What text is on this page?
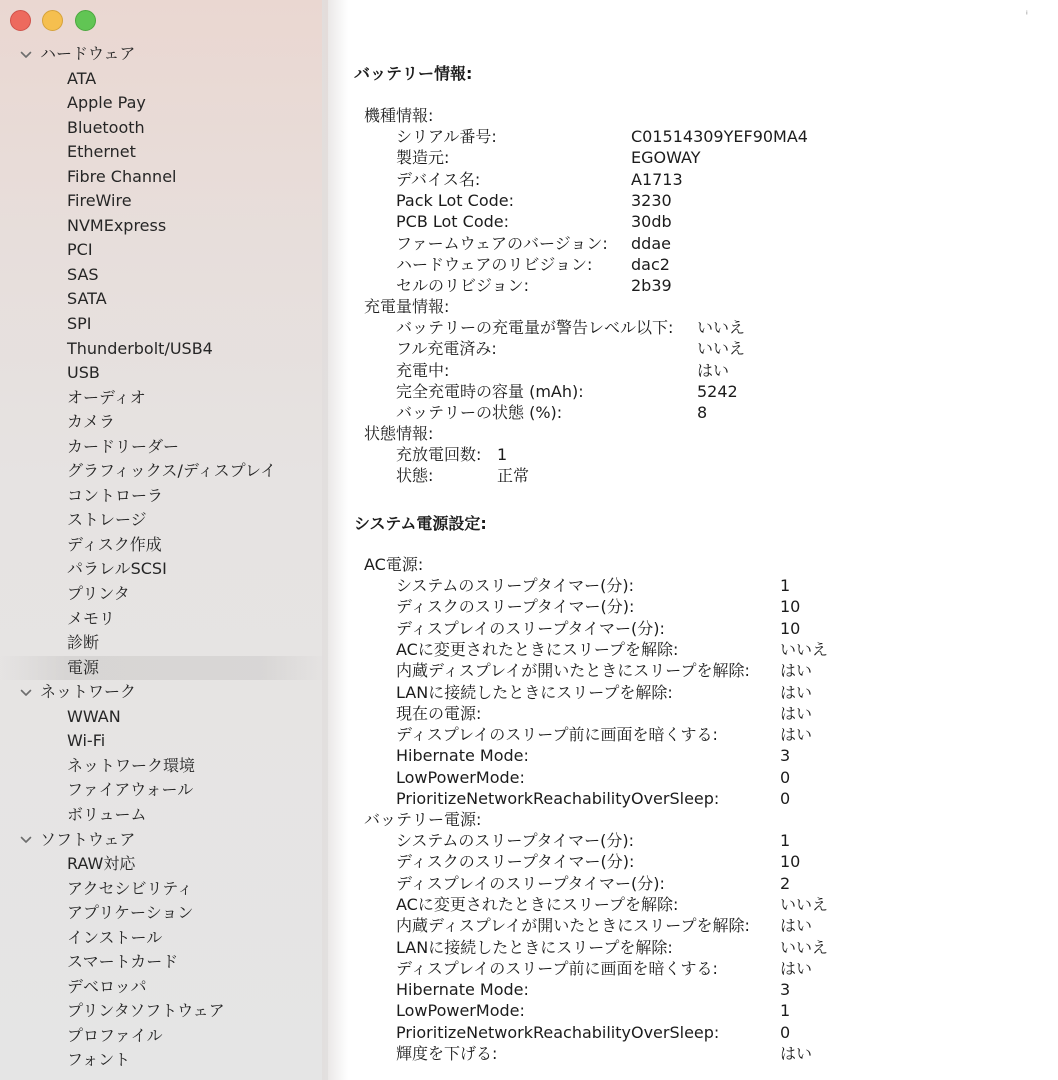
ハードウェア
ATA
Apple Pay
Bluetooth
Ethernet
Fibre Channel
FireWire
NVMExpress
PCI
SAS
SATA
SPI
Thunderbolt/USB4
USB
オーディオ
カメラ
カードリーダー
グラフィックス/ディスプレイ
コントローラ
ストレージ
ディスク作成
パラレルSCSI
プリンタ
メモリ
診断
電源
ネットワーク
WWAN
Wi-Fi
ネットワーク環境
ファイアウォール
ボリューム
ソフトウェア
RAW対応
アクセシビリティ
アプリケーション
インストール
スマートカード
デベロッパ
プリンタソフトウェア
プロファイル
フォント
ⁱ
バッテリー情報:
機種情報:
シリアル番号:	C01514309YEF90MA4
製造元:	EGOWAY
デバイス名:	A1713
Pack Lot Code:	3230
PCB Lot Code:	30db
ファームウェアのバージョン: ddae
ハードウェアのリビジョン: dac2
セルのリビジョン:	2b39
充電量情報:
バッテリーの充電量が警告レベル以下: いいえ
フル充電済み:	いいえ
充電中:	はい
完全充電時の容量 (mAh):	5242
バッテリーの状態 (%):	8
状態情報:
充放電回数: 1
状態:	正常
システム電源設定:
AC電源:
システムのスリープタイマー(分):	1
ディスクのスリープタイマー(分):	10
ディスプレイのスリープタイマー(分):	10
ACに変更されたときにスリープを解除:	いいえ
内蔵ディスプレイが開いたときにスリープを解除: はい
LANに接続したときにスリープを解除:	はい
現在の電源:	はい
ディスプレイのスリープ前に画面を暗くする:	はい
Hibernate Mode:	3
LowPowerMode:	0
PrioritizeNetworkReachabilityOverSleep:	0
バッテリー電源:
システムのスリープタイマー(分):	1
ディスクのスリープタイマー(分):	10
ディスプレイのスリープタイマー(分):	2
ACに変更されたときにスリープを解除:	いいえ
内蔵ディスプレイが開いたときにスリープを解除: はい
LANに接続したときにスリープを解除:	いいえ
ディスプレイのスリープ前に画面を暗くする:	はい
Hibernate Mode:	3
LowPowerMode:	1
PrioritizeNetworkReachabilityOverSleep:	0
輝度を下げる:	はい
